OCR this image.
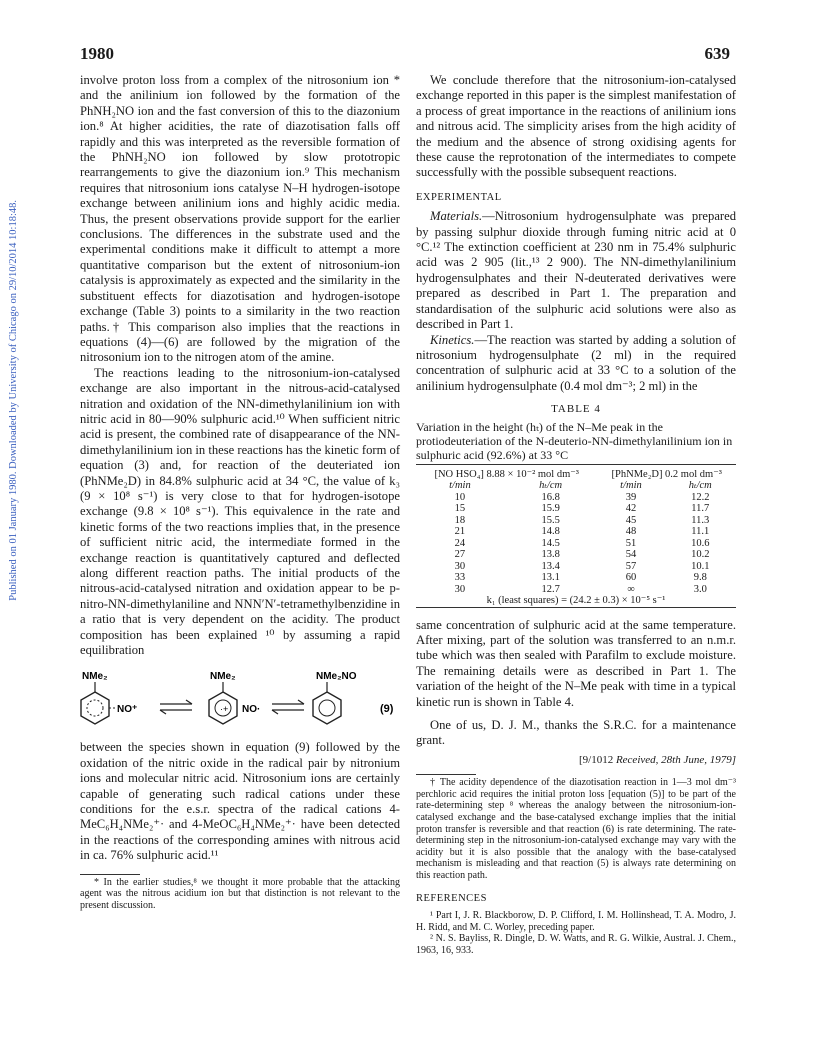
1980	639
Published on 01 January 1980. Downloaded by University of Chicago on 29/10/2014 10:18:48.

involve proton loss from a complex of the nitrosonium ion * and the anilinium ion followed by the formation of the PhNH₂NO ion and the fast conversion of this to the diazonium ion.⁸ At higher acidities, the rate of diazotisation falls off rapidly and this was interpreted as the reversible formation of the PhNH₂NO ion followed by slow prototropic rearrangements to give the diazonium ion.⁹ This mechanism requires that nitrosonium ions catalyse N–H hydrogen-isotope exchange between anilinium ions and highly acidic media. Thus, the present observations provide support for the earlier conclusions. The differences in the substrate used and the experimental conditions make it difficult to attempt a more quantitative comparison but the extent of nitrosonium-ion catalysis is approximately as expected and the similarity in the substituent effects for diazotisation and hydrogen-isotope exchange (Table 3) points to a similarity in the two reaction paths.† This comparison also implies that the reactions in equations (4)—(6) are followed by the migration of the nitrosonium ion to the nitrogen atom of the amine.

The reactions leading to the nitrosonium-ion-catalysed exchange are also important in the nitrous-acid-catalysed nitration and oxidation of the NN-dimethylanilinium ion with nitric acid in 80—90% sulphuric acid.¹⁰ When sufficient nitric acid is present, the combined rate of disappearance of the NN-dimethylanilinium ion in these reactions has the kinetic form of equation (3) and, for reaction of the deuteriated ion (PhNMe₂D) in 84.8% sulphuric acid at 34 °C, the value of k₃ (9 × 10⁸ s⁻¹) is very close to that for hydrogen-isotope exchange (9.8 × 10⁸ s⁻¹). This equivalence in the rate and kinetic forms of the two reactions implies that, in the presence of sufficient nitric acid, the intermediate formed in the exchange reaction is quantitatively captured and deflected along different reaction paths. The initial products of the nitrous-acid-catalysed nitration and oxidation appear to be p-nitro-NN-dimethylaniline and NNN′N′-tetramethylbenzidine in a ratio that is very dependent on the acidity. The product composition has been explained ¹⁰ by assuming a rapid equilibration

NMe₂
NO⁺
NMe₂
·+ NO·
NMe₂NO
(9)

between the species shown in equation (9) followed by the oxidation of the nitric oxide in the radical pair by nitronium ions and molecular nitric acid. Nitrosonium ions are certainly capable of generating such radical cations under these conditions for the e.s.r. spectra of the radical cations 4-MeC₆H₄NMe₂⁺· and 4-MeOC₆H₄NMe₂⁺· have been detected in the reactions of the corresponding amines with nitrous acid in ca. 76% sulphuric acid.¹¹

* In the earlier studies,⁸ we thought it more probable that the attacking agent was the nitrous acidium ion but that distinction is not relevant to the present discussion.

We conclude therefore that the nitrosonium-ion-catalysed exchange reported in this paper is the simplest manifestation of a process of great importance in the reactions of anilinium ions and nitrous acid. The simplicity arises from the high acidity of the medium and the absence of strong oxidising agents for these cause the reprotonation of the intermediates to compete successfully with the possible subsequent reactions.

EXPERIMENTAL

Materials.—Nitrosonium hydrogensulphate was prepared by passing sulphur dioxide through fuming nitric acid at 0 °C.¹² The extinction coefficient at 230 nm in 75.4% sulphuric acid was 2 905 (lit.,¹³ 2 900). The NN-dimethylanilinium hydrogensulphates and their N-deuterated derivatives were prepared as described in Part 1. The preparation and standardisation of the sulphuric acid solutions were also as described in Part 1.

Kinetics.—The reaction was started by adding a solution of nitrosonium hydrogensulphate (2 ml) in the required concentration of sulphuric acid at 33 °C to a solution of the anilinium hydrogensulphate (0.4 mol dm⁻³; 2 ml) in the

TABLE 4

Variation in the height (hₜ) of the N–Me peak in the protiodeuteriation of the N-deuterio-NN-dimethylanilinium ion in sulphuric acid (92.6%) at 33 °C

[NO HSO₄] 8.88 × 10⁻² mol dm⁻³		[PhNMe₂D] 0.2 mol dm⁻³	
t/min	hₜ/cm	t/min	hₜ/cm
10	16.8	39	12.2
15	15.9	42	11.7
18	15.5	45	11.3
21	14.8	48	11.1
24	14.5	51	10.6
27	13.8	54	10.2
30	13.4	57	10.1
33	13.1	60	9.8
30	12.7	∞	3.0
k₁ (least squares) = (24.2 ± 0.3) × 10⁻⁵ s⁻¹			

same concentration of sulphuric acid at the same temperature. After mixing, part of the solution was transferred to an n.m.r. tube which was then sealed with Parafilm to exclude moisture. The remaining details were as described in Part 1. The variation of the height of the N–Me peak with time in a typical kinetic run is shown in Table 4.

One of us, D. J. M., thanks the S.R.C. for a maintenance grant.

[9/1012 Received, 28th June, 1979]

† The acidity dependence of the diazotisation reaction in 1—3 mol dm⁻³ perchloric acid requires the initial proton loss [equation (5)] to be part of the rate-determining step ⁸ whereas the analogy between the nitrosonium-ion-catalysed exchange and the base-catalysed exchange implies that the initial proton transfer is reversible and that reaction (6) is rate determining. The rate-determining step in the nitrosonium-ion-catalysed exchange may vary with the acidity but it is also possible that the analogy with the base-catalysed mechanism is misleading and that reaction (5) is always rate determining on this reaction path.

REFERENCES

¹ Part I, J. R. Blackborow, D. P. Clifford, I. M. Hollinshead, T. A. Modro, J. H. Ridd, and M. C. Worley, preceding paper.

² N. S. Bayliss, R. Dingle, D. W. Watts, and R. G. Wilkie, Austral. J. Chem., 1963, 16, 933.
